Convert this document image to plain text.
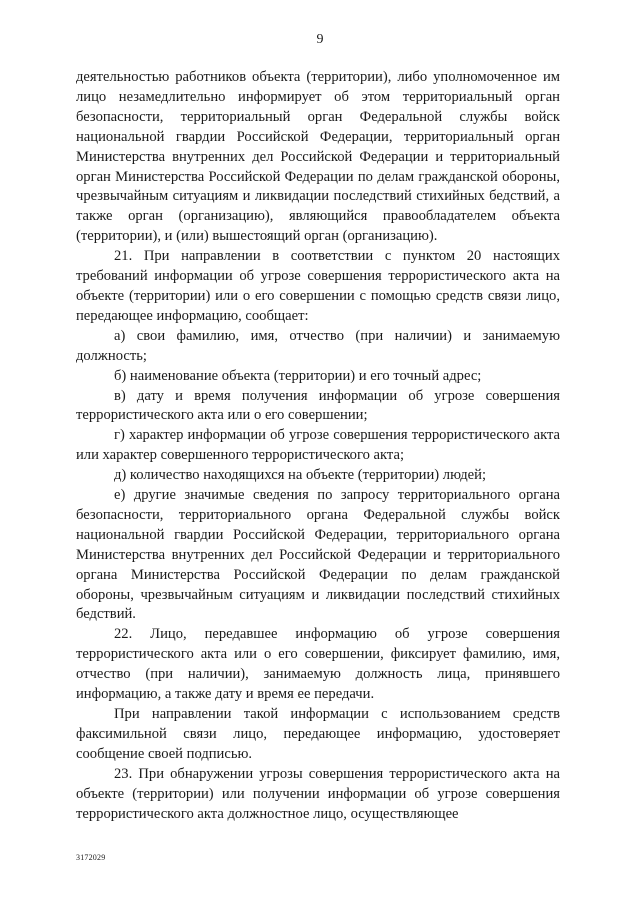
9

деятельностью работников объекта (территории), либо уполномоченное им лицо незамедлительно информирует об этом территориальный орган безопасности, территориальный орган Федеральной службы войск национальной гвардии Российской Федерации, территориальный орган Министерства внутренних дел Российской Федерации и территориальный орган Министерства Российской Федерации по делам гражданской обороны, чрезвычайным ситуациям и ликвидации последствий стихийных бедствий, а также орган (организацию), являющийся правообладателем объекта (территории), и (или) вышестоящий орган (организацию).

21. При направлении в соответствии с пунктом 20 настоящих требований информации об угрозе совершения террористического акта на объекте (территории) или о его совершении с помощью средств связи лицо, передающее информацию, сообщает:

а) свои фамилию, имя, отчество (при наличии) и занимаемую должность;

б) наименование объекта (территории) и его точный адрес;

в) дату и время получения информации об угрозе совершения террористического акта или о его совершении;

г) характер информации об угрозе совершения террористического акта или характер совершенного террористического акта;

д) количество находящихся на объекте (территории) людей;

е) другие значимые сведения по запросу территориального органа безопасности, территориального органа Федеральной службы войск национальной гвардии Российской Федерации, территориального органа Министерства внутренних дел Российской Федерации и территориального органа Министерства Российской Федерации по делам гражданской обороны, чрезвычайным ситуациям и ликвидации последствий стихийных бедствий.

22. Лицо, передавшее информацию об угрозе совершения террористического акта или о его совершении, фиксирует фамилию, имя, отчество (при наличии), занимаемую должность лица, принявшего информацию, а также дату и время ее передачи.

При направлении такой информации с использованием средств факсимильной связи лицо, передающее информацию, удостоверяет сообщение своей подписью.

23. При обнаружении угрозы совершения террористического акта на объекте (территории) или получении информации об угрозе совершения террористического акта должностное лицо, осуществляющее

3172029
